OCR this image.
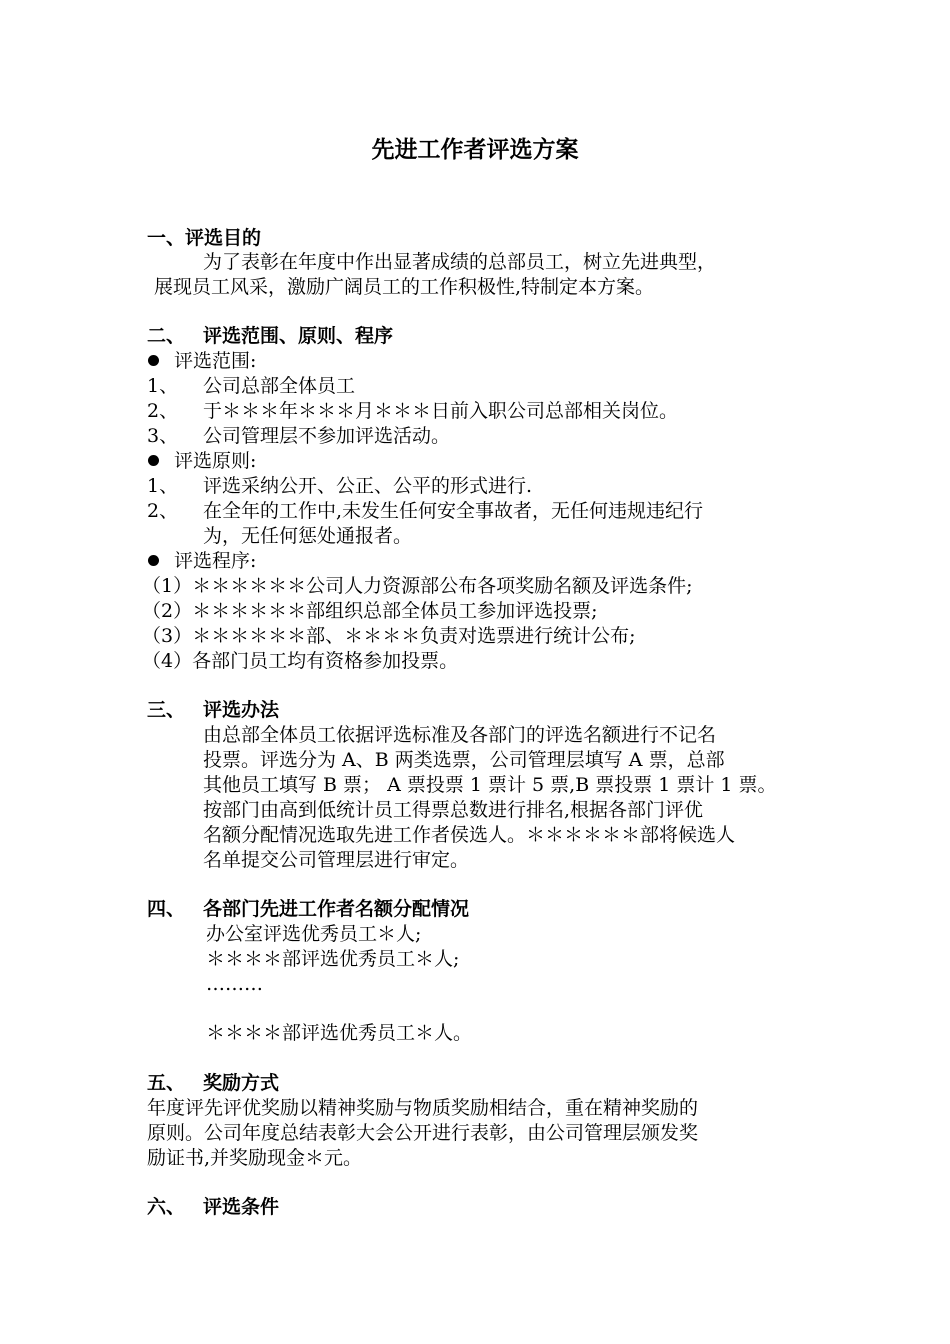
先进工作者评选方案
一、评选目的
为了表彰在年度中作出显著成绩的总部员工，树立先进典型，
展现员工风采，激励广阔员工的工作积极性,特制定本方案。
二、 评选范围、原则、程序
评选范围:
1、 公司总部全体员工
2、 于＊＊＊年＊＊＊月＊＊＊日前入职公司总部相关岗位。
3、 公司管理层不参加评选活动。
评选原则:
1、 评选采纳公开、公正、公平的形式进行.
2、 在全年的工作中,未发生任何安全事故者，无任何违规违纪行
为，无任何惩处通报者。
评选程序:
（1）＊＊＊＊＊＊公司人力资源部公布各项奖励名额及评选条件;
（2）＊＊＊＊＊＊部组织总部全体员工参加评选投票;
（3）＊＊＊＊＊＊部、＊＊＊＊负责对选票进行统计公布;
（4）各部门员工均有资格参加投票。
三、 评选办法
由总部全体员工依据评选标准及各部门的评选名额进行不记名
投票。评选分为 A、B 两类选票，公司管理层填写 A 票，总部
其他员工填写 B 票； A 票投票 1 票计 5 票,B 票投票 1 票计 1 票。
按部门由高到低统计员工得票总数进行排名,根据各部门评优
名额分配情况选取先进工作者侯选人。＊＊＊＊＊＊部将候选人
名单提交公司管理层进行审定。
四、 各部门先进工作者名额分配情况
办公室评选优秀员工＊人;
＊＊＊＊部评选优秀员工＊人;
………
＊＊＊＊部评选优秀员工＊人。
五、 奖励方式
年度评先评优奖励以精神奖励与物质奖励相结合，重在精神奖励的
原则。公司年度总结表彰大会公开进行表彰，由公司管理层颁发奖
励证书,并奖励现金＊元。
六、 评选条件
